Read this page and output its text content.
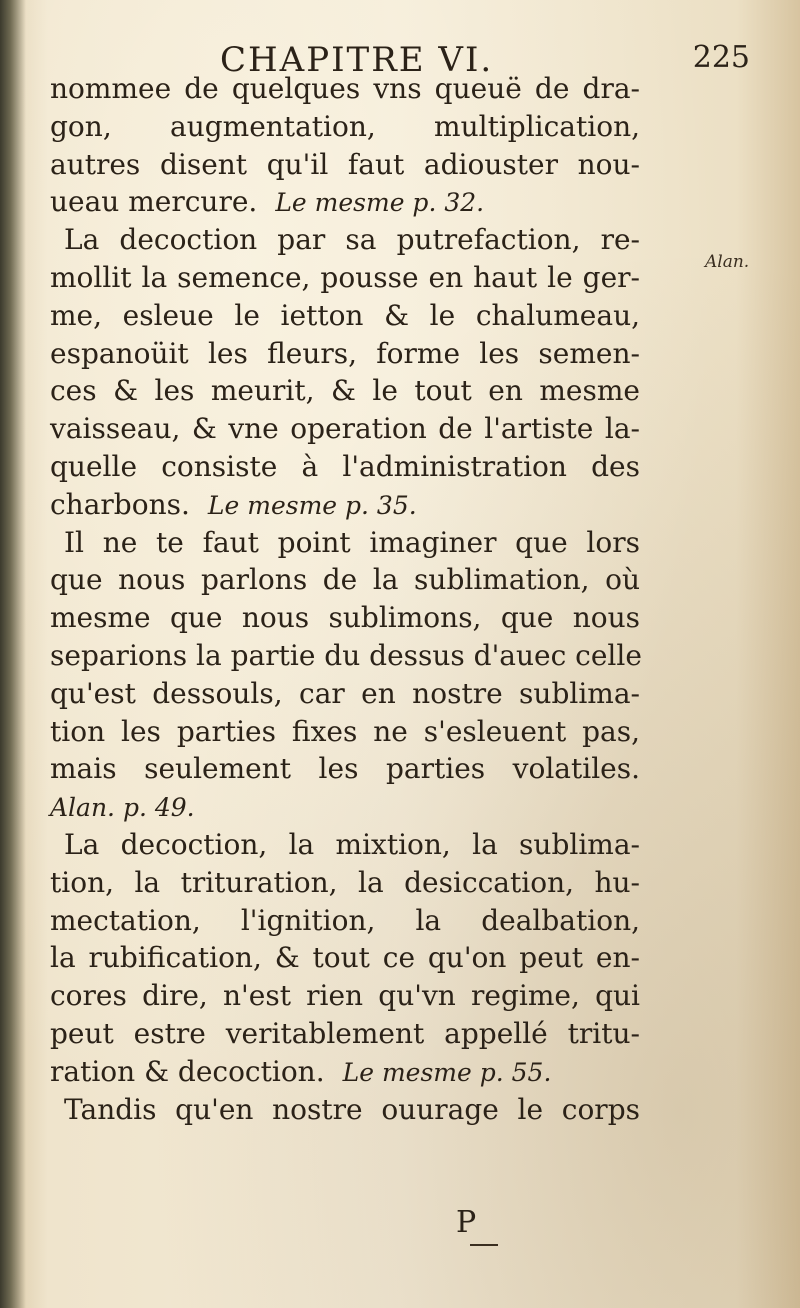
CHAPITRE VI.	225
Alan.
nommee de quelques vns queuë de dra-
gon, augmentation, multiplication,
autres disent qu'il faut adiouster nou-
ueau mercure. Le mesme p. 32.
La decoction par sa putrefaction, re-
mollit la semence, pousse en haut le ger-
me, esleue le ietton & le chalumeau,
espanoüit les fleurs, forme les semen-
ces & les meurit, & le tout en mesme
vaisseau, & vne operation de l'artiste la-
quelle consiste à l'administration des
charbons. Le mesme p. 35.
Il ne te faut point imaginer que lors
que nous parlons de la sublimation, où
mesme que nous sublimons, que nous
separions la partie du dessus d'auec celle
qu'est dessouls, car en nostre sublima-
tion les parties fixes ne s'esleuent pas,
mais seulement les parties volatiles.
Alan. p. 49.
La decoction, la mixtion, la sublima-
tion, la trituration, la desiccation, hu-
mectation, l'ignition, la dealbation,
la rubification, & tout ce qu'on peut en-
cores dire, n'est rien qu'vn regime, qui
peut estre veritablement appellé tritu-
ration & decoction. Le mesme p. 55.
Tandis qu'en nostre ouurage le corps
P
